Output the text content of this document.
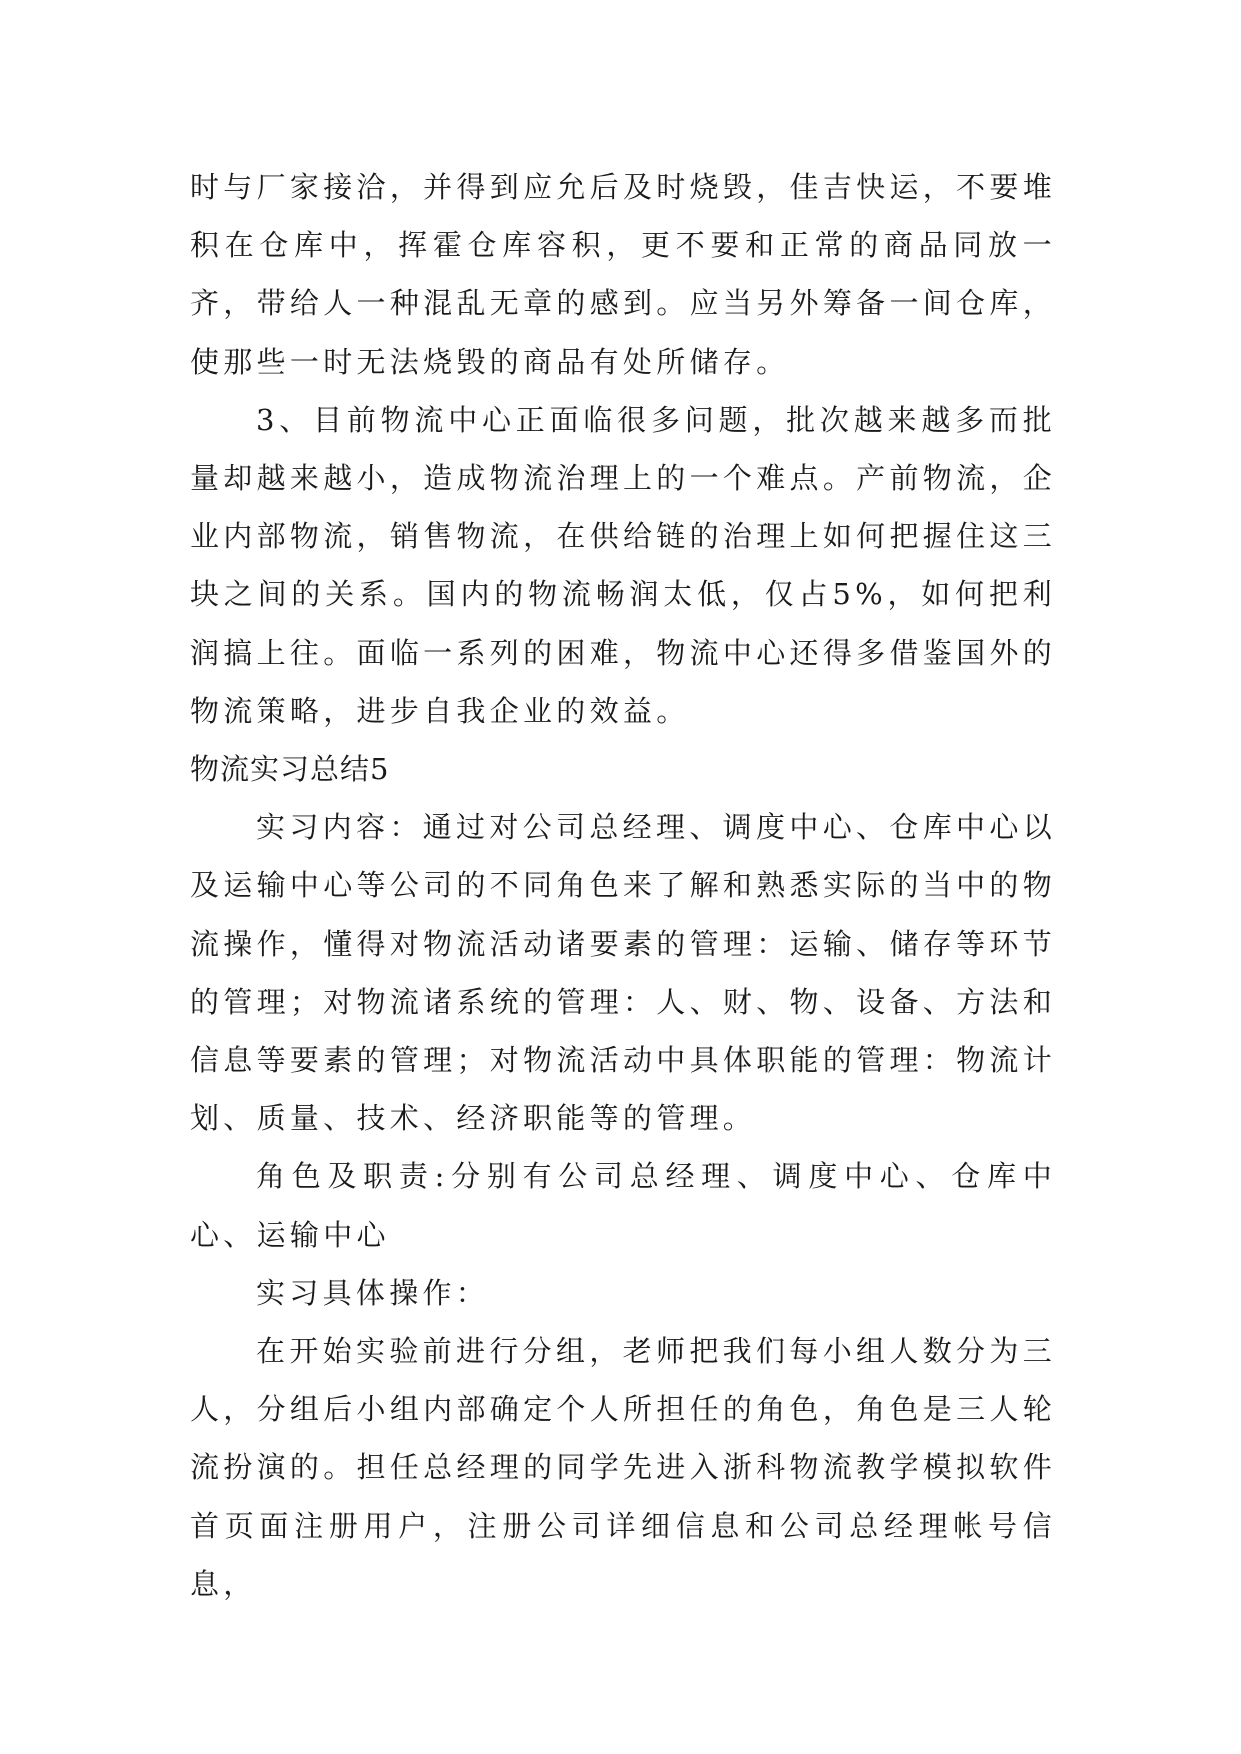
时与厂家接洽，并得到应允后及时烧毁，佳吉快运，不要堆积在仓库中，挥霍仓库容积，更不要和正常的商品同放一齐，带给人一种混乱无章的感到。应当另外筹备一间仓库，使那些一时无法烧毁的商品有处所储存。

3、目前物流中心正面临很多问题，批次越来越多而批量却越来越小，造成物流治理上的一个难点。产前物流，企业内部物流，销售物流，在供给链的治理上如何把握住这三块之间的关系。国内的物流畅润太低，仅占5%，如何把利润搞上往。面临一系列的困难，物流中心还得多借鉴国外的物流策略，进步自我企业的效益。

物流实习总结5

实习内容：通过对公司总经理、调度中心、仓库中心以及运输中心等公司的不同角色来了解和熟悉实际的当中的物流操作，懂得对物流活动诸要素的管理：运输、储存等环节的管理；对物流诸系统的管理：人、财、物、设备、方法和信息等要素的管理；对物流活动中具体职能的管理：物流计划、质量、技术、经济职能等的管理。

角色及职责:分别有公司总经理、调度中心、仓库中心、运输中心

实习具体操作：

在开始实验前进行分组，老师把我们每小组人数分为三人，分组后小组内部确定个人所担任的角色，角色是三人轮流扮演的。担任总经理的同学先进入浙科物流教学模拟软件首页面注册用户，注册公司详细信息和公司总经理帐号信息，
